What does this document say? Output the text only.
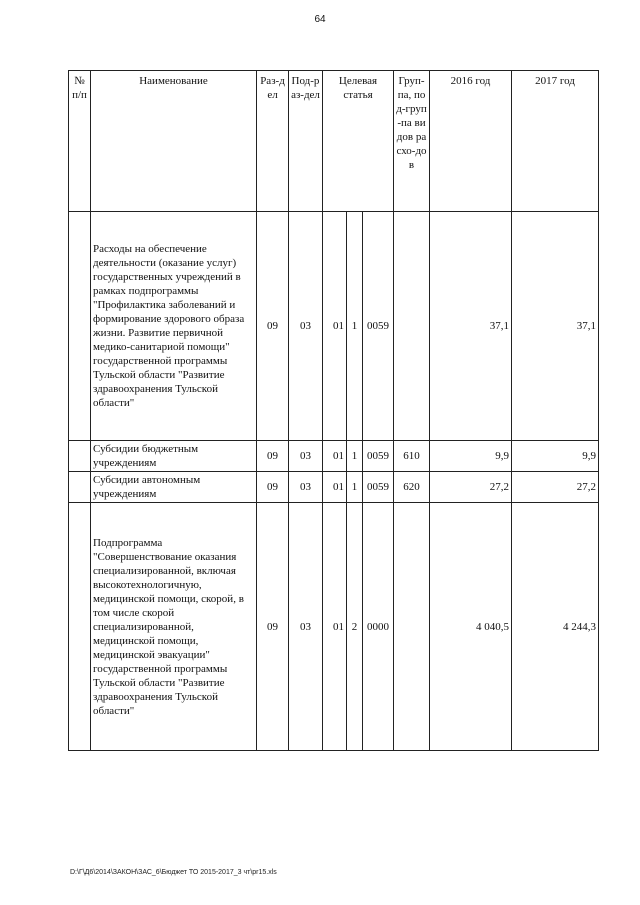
64
№ п/п	Наименование	Раз-дел	Под-раз-дел	Целевая статья			Груп-па, под-груп-па видов расхо-дов	2016 год	2017 год
	Расходы на обеспечение деятельности (оказание услуг) государственных учреждений в рамках подпрограммы "Профилактика заболеваний и формирование здорового образа жизни. Развитие первичной медико-санитариой помощи" государственной программы Тульской области "Развитие здравоохранения Тульской области"	09	03	01	1	0059		37,1	37,1
	Субсидии бюджетным учреждениям	09	03	01	1	0059	610	9,9	9,9
	Субсидии автономным учреждениям	09	03	01	1	0059	620	27,2	27,2
	Подпрограмма "Совершенствование оказания специализированной, включая высокотехнологичную, медицинской помощи, скорой, в том числе скорой специализированной, медицинской помощи, медицинской эвакуации" государственной программы Тульской области "Развитие здравоохранения Тульской области"	09	03	01	2	0000		4 040,5	4 244,3
D:\Г\Д6\2014\ЗАКОН\ЗАС_6\Бюджет ТО 2015-2017_3 чт\pr15.xls
